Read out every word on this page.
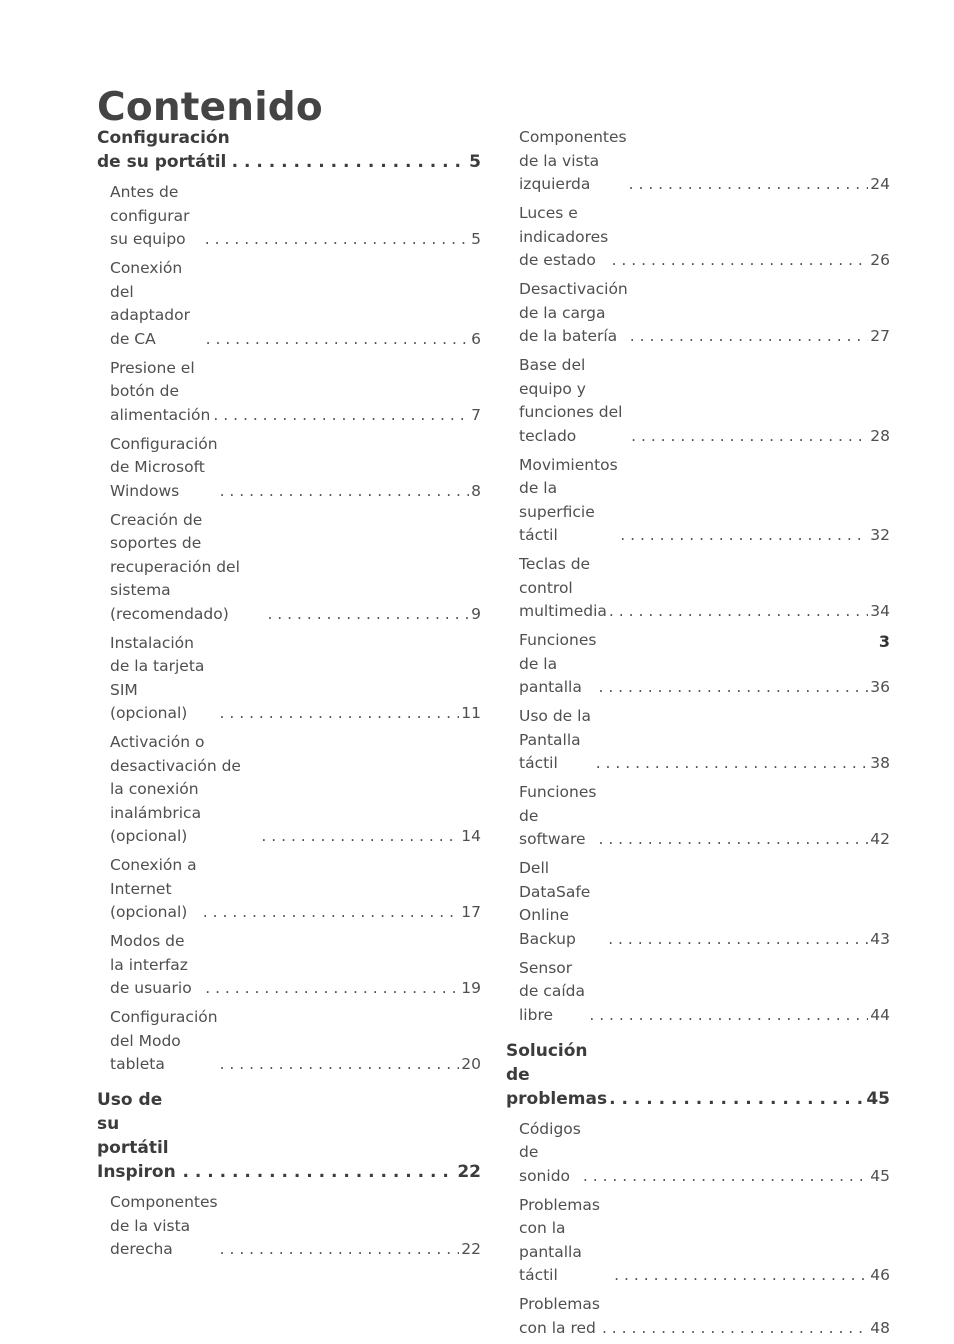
Contenido
Configuración de su portátil . . .	5
Antes de configurar su equipo . . .	5
Conexión del adaptador de CA . . .	6
Presione el botón de alimentación . . .	7
Configuración de Microsoft Windows . . .	8
Creación de soportes de recuperación del sistema (recomendado) . . .	9
Instalación de la tarjeta SIM (opcional) . . .	11
Activación o desactivación de la conexión inalámbrica (opcional) . . .	14
Conexión a Internet (opcional) . . .	17
Modos de la interfaz de usuario . . .	19
Configuración del Modo tableta . . .	20
Uso de su portátil Inspiron . . .	22
Componentes de la vista derecha . . .	22
Componentes de la vista izquierda . . .	24
Luces e indicadores de estado . . .	26
Desactivación de la carga de la batería . . .	27
Base del equipo y funciones del teclado . . .	28
Movimientos de la superficie táctil . . .	32
Teclas de control multimedia . . .	34
Funciones de la pantalla . . .	36
Uso de la Pantalla táctil . . .	38
Funciones de software . . .	42
Dell DataSafe Online Backup . . .	43
Sensor de caída libre . . .	44
Solución de problemas . . .	45
Códigos de sonido . . .	45
Problemas con la pantalla táctil . . .	46
Problemas con la red . . .	48
3
